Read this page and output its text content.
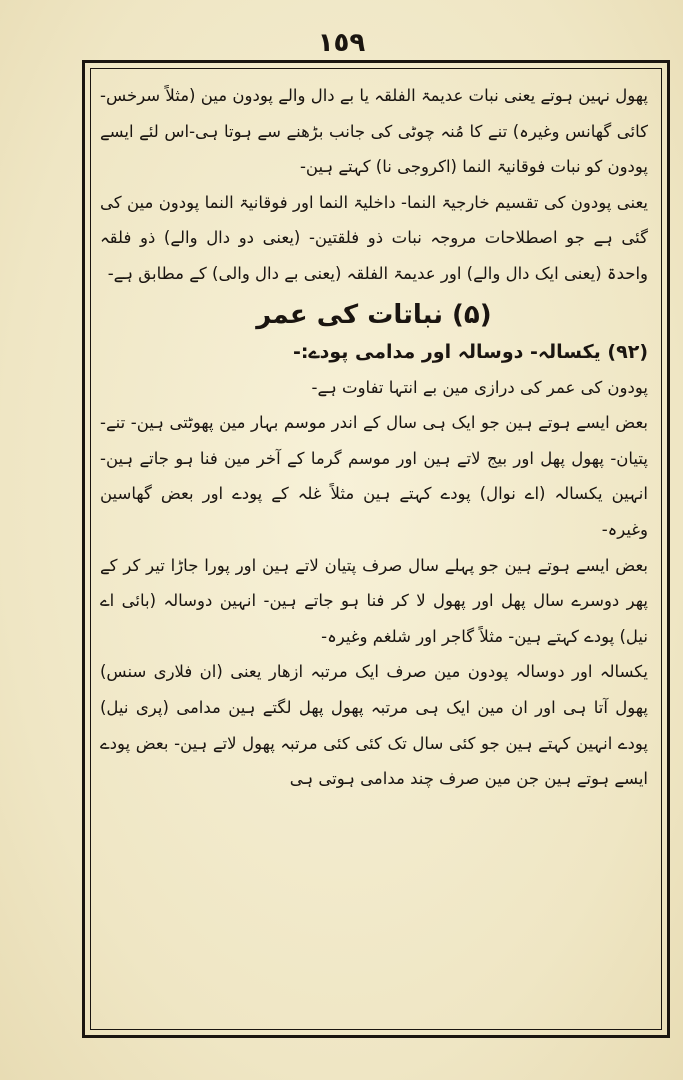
١٥٩

پھول نہین ہوتے یعنی نبات عدیمۃ الفلقہ یا بے دال والے پودون مین (مثلاً سرخس-کائی گھانس وغیرہ) تنے کا مُنہ چوٹی کی جانب بڑھنے سے ہوتا ہی-اس لئے ایسے پودون کو نبات فوقانیۃ النما (اکروجی نا) کہتے ہین-

یعنی پودون کی تقسیم خارجیۃ النما- داخلیۃ النما اور فوقانیۃ النما پودون مین کی گئی ہے جو اصطلاحات مروجہ نبات ذو فلقتین- (یعنی دو دال والے) ذو فلقہ واحدۃ (یعنی ایک دال والے) اور عدیمۃ الفلقہ (یعنی بے دال والی) کے مطابق ہے-

(۵) نباتات کی عمر

(۹۲) یکسالہ- دوسالہ اور مدامی پودے:-

پودون کی عمر کی درازی مین بے انتہا تفاوت ہے-

بعض ایسے ہوتے ہین جو ایک ہی سال کے اندر موسم بہار مین پھوٹتی ہین- تنے- پتیان- پھول پھل اور بیج لاتے ہین اور موسم گرما کے آخر مین فنا ہو جاتے ہین- انہین یکسالہ (اے نوال) پودے کہتے ہین مثلاً غلہ کے پودے اور بعض گھاسین وغیرہ-

بعض ایسے ہوتے ہین جو پہلے سال صرف پتیان لاتے ہین اور پورا جاڑا تیر کر کے پھر دوسرے سال پھل اور پھول لا کر فنا ہو جاتے ہین- انہین دوسالہ (بائی اے نیل) پودے کہتے ہین- مثلاً گاجر اور شلغم وغیرہ-

یکسالہ اور دوسالہ پودون مین صرف ایک مرتبہ ازھار یعنی (ان فلاری سنس) پھول آتا ہی اور ان مین ایک ہی مرتبہ پھول پھل لگتے ہین مدامی (پری نیل) پودے انہین کہتے ہین جو کئی سال تک کئی کئی مرتبہ پھول لاتے ہین- بعض پودے ایسے ہوتے ہین جن مین صرف چند مدامی ہوتی ہی
